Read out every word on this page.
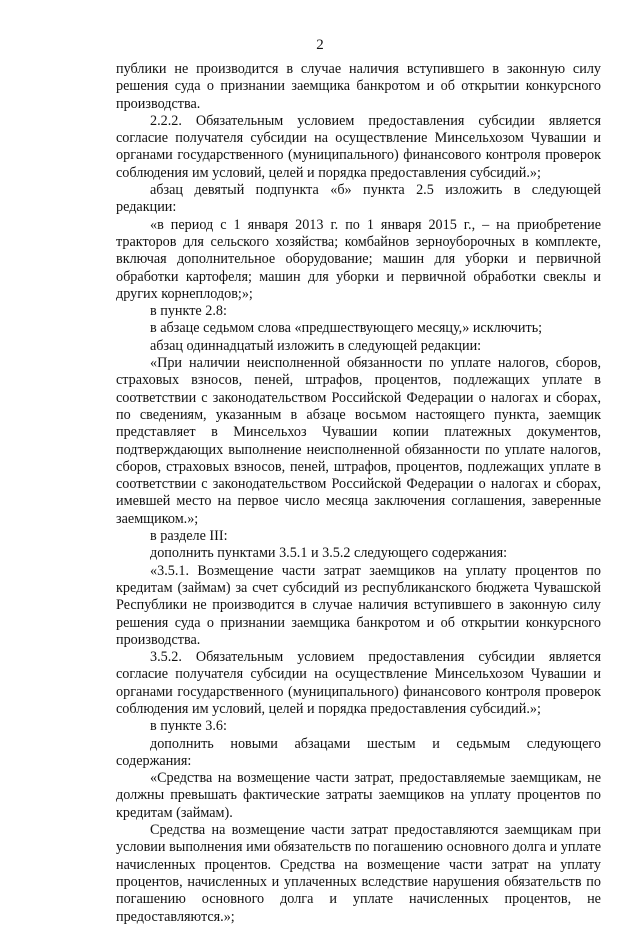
2

публики не производится в случае наличия вступившего в законную силу решения суда о признании заемщика банкротом и об открытии конкурсного производства.

2.2.2. Обязательным условием предоставления субсидии является согласие получателя субсидии на осуществление Минсельхозом Чувашии и органами государственного (муниципального) финансового контроля проверок соблюдения им условий, целей и порядка предоставления субсидий.»;

абзац девятый подпункта «б» пункта 2.5 изложить в следующей редакции:

«в период с 1 января 2013 г. по 1 января 2015 г., – на приобретение тракторов для сельского хозяйства; комбайнов зерноуборочных в комплекте, включая дополнительное оборудование; машин для уборки и первичной обработки картофеля; машин для уборки и первичной обработки свеклы и других корнеплодов;»;

в пункте 2.8:

в абзаце седьмом слова «предшествующего месяцу,» исключить;

абзац одиннадцатый изложить в следующей редакции:

«При наличии неисполненной обязанности по уплате налогов, сборов, страховых взносов, пеней, штрафов, процентов, подлежащих уплате в соответствии с законодательством Российской Федерации о налогах и сборах, по сведениям, указанным в абзаце восьмом настоящего пункта, заемщик представляет в Минсельхоз Чувашии копии платежных документов, подтверждающих выполнение неисполненной обязанности по уплате налогов, сборов, страховых взносов, пеней, штрафов, процентов, подлежащих уплате в соответствии с законодательством Российской Федерации о налогах и сборах, имевшей место на первое число месяца заключения соглашения, заверенные заемщиком.»;

в разделе III:

дополнить пунктами 3.5.1 и 3.5.2 следующего содержания:

«3.5.1. Возмещение части затрат заемщиков на уплату процентов по кредитам (займам) за счет субсидий из республиканского бюджета Чувашской Республики не производится в случае наличия вступившего в законную силу решения суда о признании заемщика банкротом и об открытии конкурсного производства.

3.5.2. Обязательным условием предоставления субсидии является согласие получателя субсидии на осуществление Минсельхозом Чувашии и органами государственного (муниципального) финансового контроля проверок соблюдения им условий, целей и порядка предоставления субсидий.»;

в пункте 3.6:

дополнить новыми абзацами шестым и седьмым следующего содержания:

«Средства на возмещение части затрат, предоставляемые заемщикам, не должны превышать фактические затраты заемщиков на уплату процентов по кредитам (займам).

Средства на возмещение части затрат предоставляются заемщикам при условии выполнения ими обязательств по погашению основного долга и уплате начисленных процентов. Средства на возмещение части затрат на уплату процентов, начисленных и уплаченных вследствие нарушения обязательств по погашению основного долга и уплате начисленных процентов, не предоставляются.»;
